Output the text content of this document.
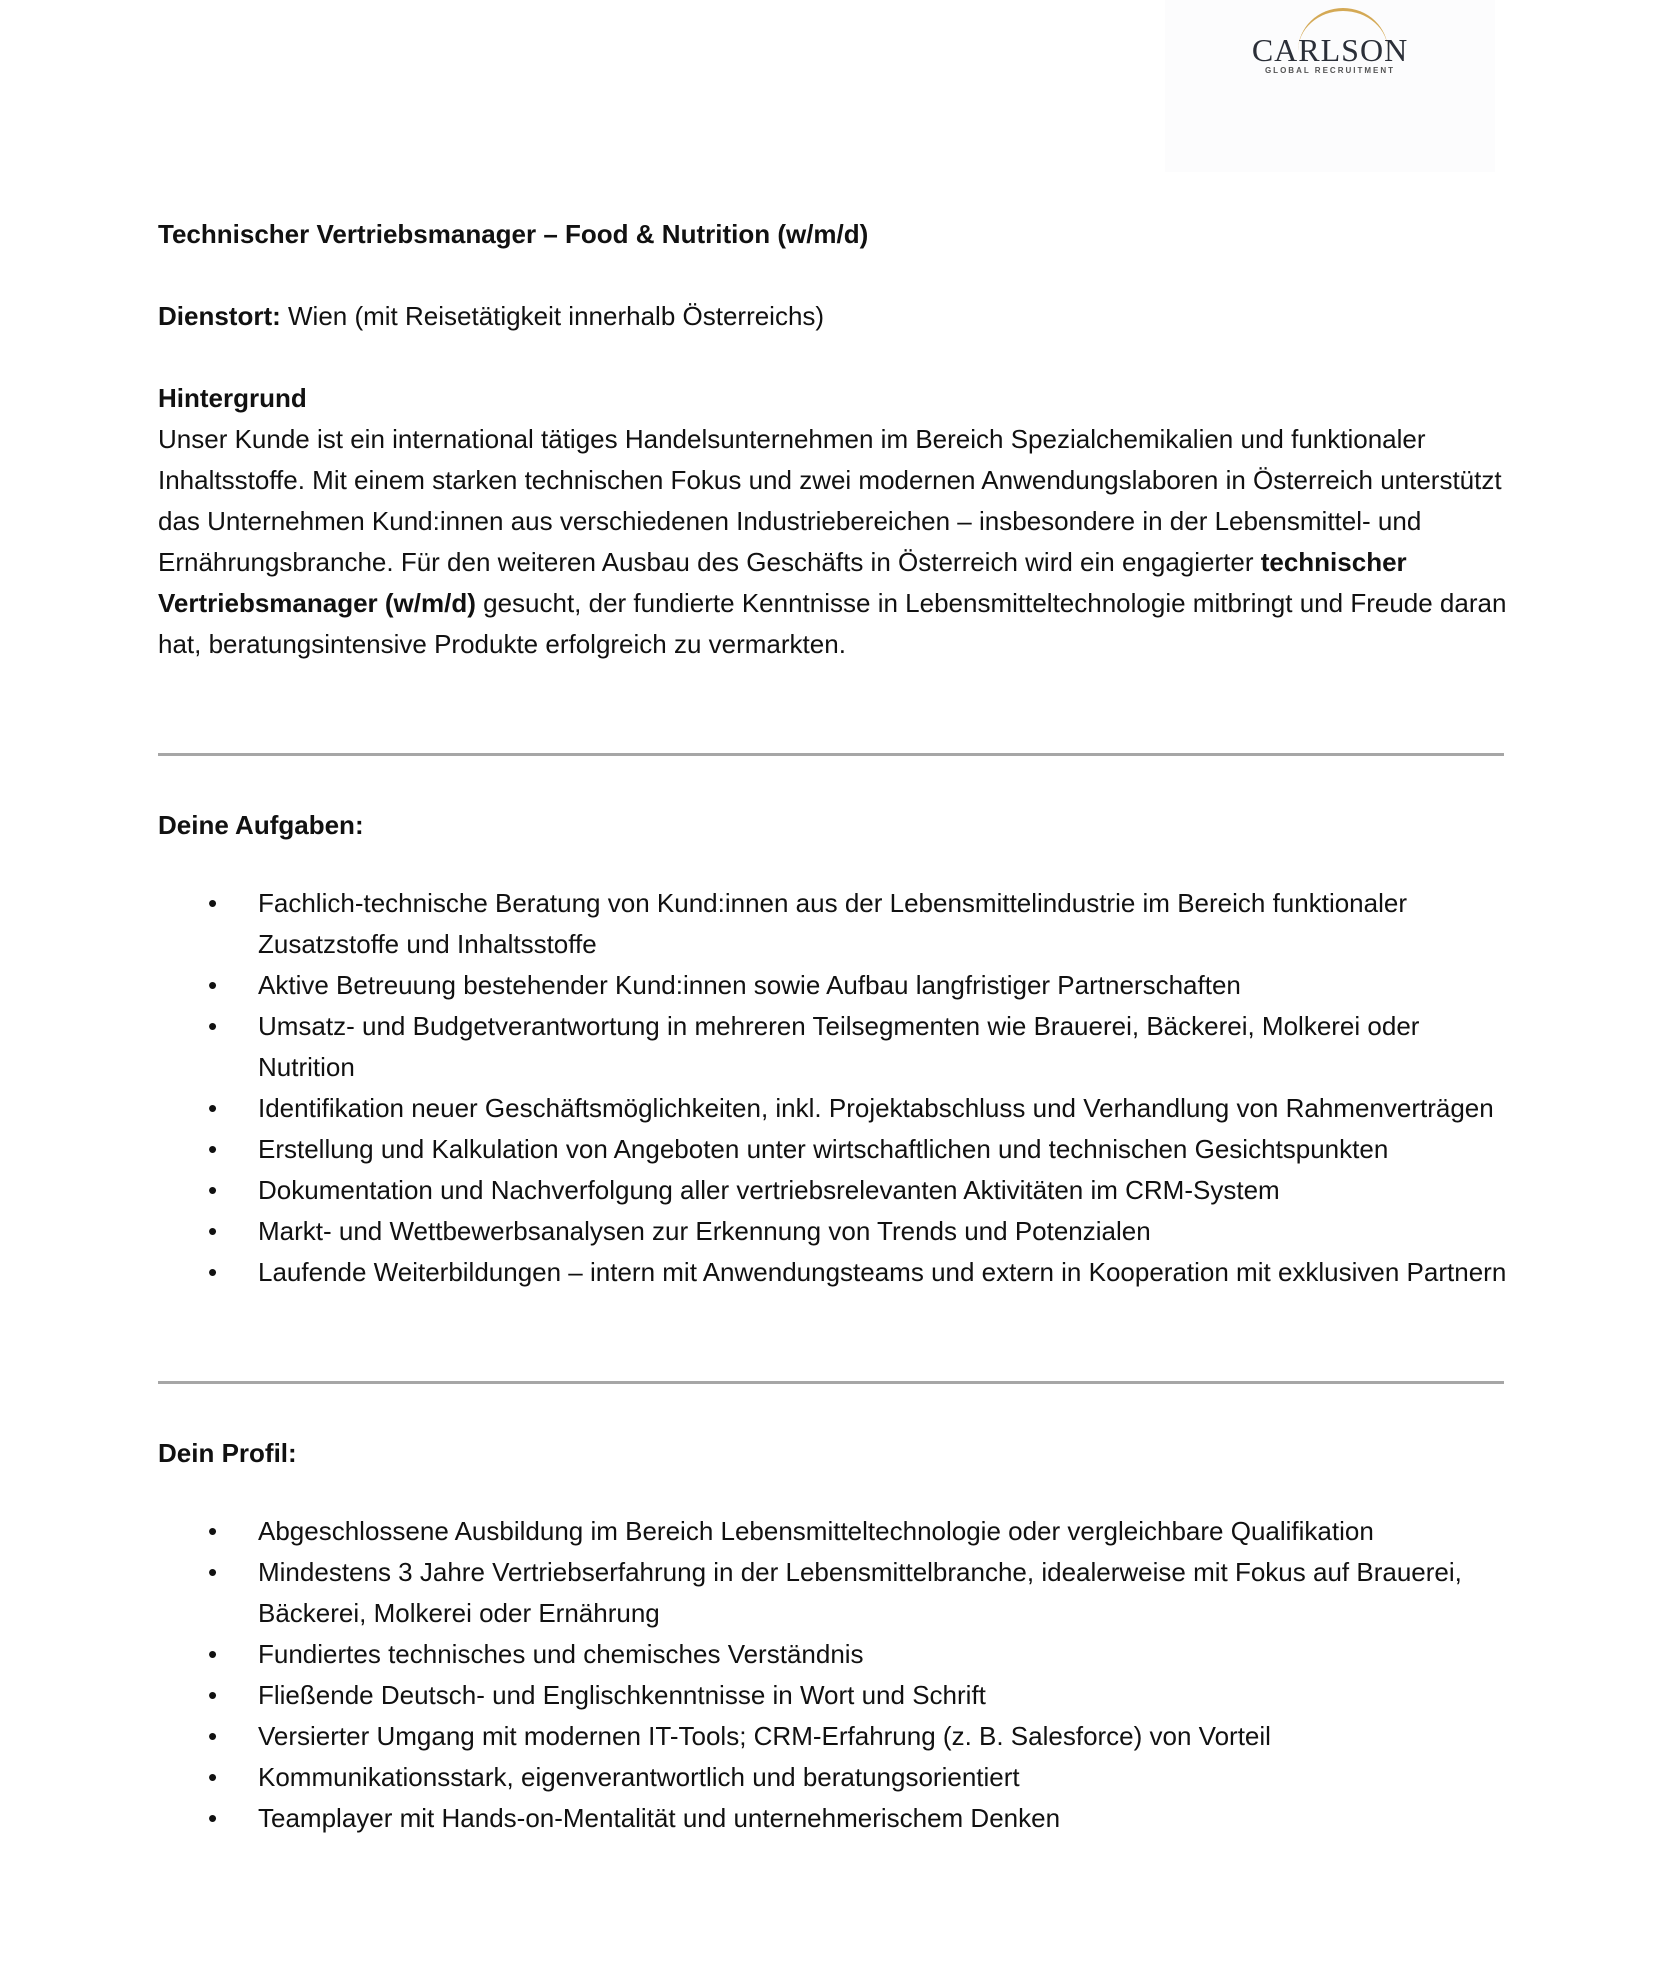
CARLSON
GLOBAL RECRUITMENT

Technischer Vertriebsmanager – Food & Nutrition (w/m/d)

Dienstort: Wien (mit Reisetätigkeit innerhalb Österreichs)

Hintergrund

Unser Kunde ist ein international tätiges Handelsunternehmen im Bereich Spezialchemikalien und funktionaler Inhaltsstoffe. Mit einem starken technischen Fokus und zwei modernen Anwendungslaboren in Österreich unterstützt das Unternehmen Kund:innen aus verschiedenen Industriebereichen – insbesondere in der Lebensmittel- und Ernährungsbranche. Für den weiteren Ausbau des Geschäfts in Österreich wird ein engagierter technischer Vertriebsmanager (w/m/d) gesucht, der fundierte Kenntnisse in Lebensmitteltechnologie mitbringt und Freude daran hat, beratungsintensive Produkte erfolgreich zu vermarkten.

Deine Aufgaben:

• Fachlich-technische Beratung von Kund:innen aus der Lebensmittelindustrie im Bereich funktionaler Zusatzstoffe und Inhaltsstoffe
• Aktive Betreuung bestehender Kund:innen sowie Aufbau langfristiger Partnerschaften
• Umsatz- und Budgetverantwortung in mehreren Teilsegmenten wie Brauerei, Bäckerei, Molkerei oder Nutrition
• Identifikation neuer Geschäftsmöglichkeiten, inkl. Projektabschluss und Verhandlung von Rahmenverträgen
• Erstellung und Kalkulation von Angeboten unter wirtschaftlichen und technischen Gesichtspunkten
• Dokumentation und Nachverfolgung aller vertriebsrelevanten Aktivitäten im CRM-System
• Markt- und Wettbewerbsanalysen zur Erkennung von Trends und Potenzialen
• Laufende Weiterbildungen – intern mit Anwendungsteams und extern in Kooperation mit exklusiven Partnern

Dein Profil:

• Abgeschlossene Ausbildung im Bereich Lebensmitteltechnologie oder vergleichbare Qualifikation
• Mindestens 3 Jahre Vertriebserfahrung in der Lebensmittelbranche, idealerweise mit Fokus auf Brauerei, Bäckerei, Molkerei oder Ernährung
• Fundiertes technisches und chemisches Verständnis
• Fließende Deutsch- und Englischkenntnisse in Wort und Schrift
• Versierter Umgang mit modernen IT-Tools; CRM-Erfahrung (z. B. Salesforce) von Vorteil
• Kommunikationsstark, eigenverantwortlich und beratungsorientiert
• Teamplayer mit Hands-on-Mentalität und unternehmerischem Denken
